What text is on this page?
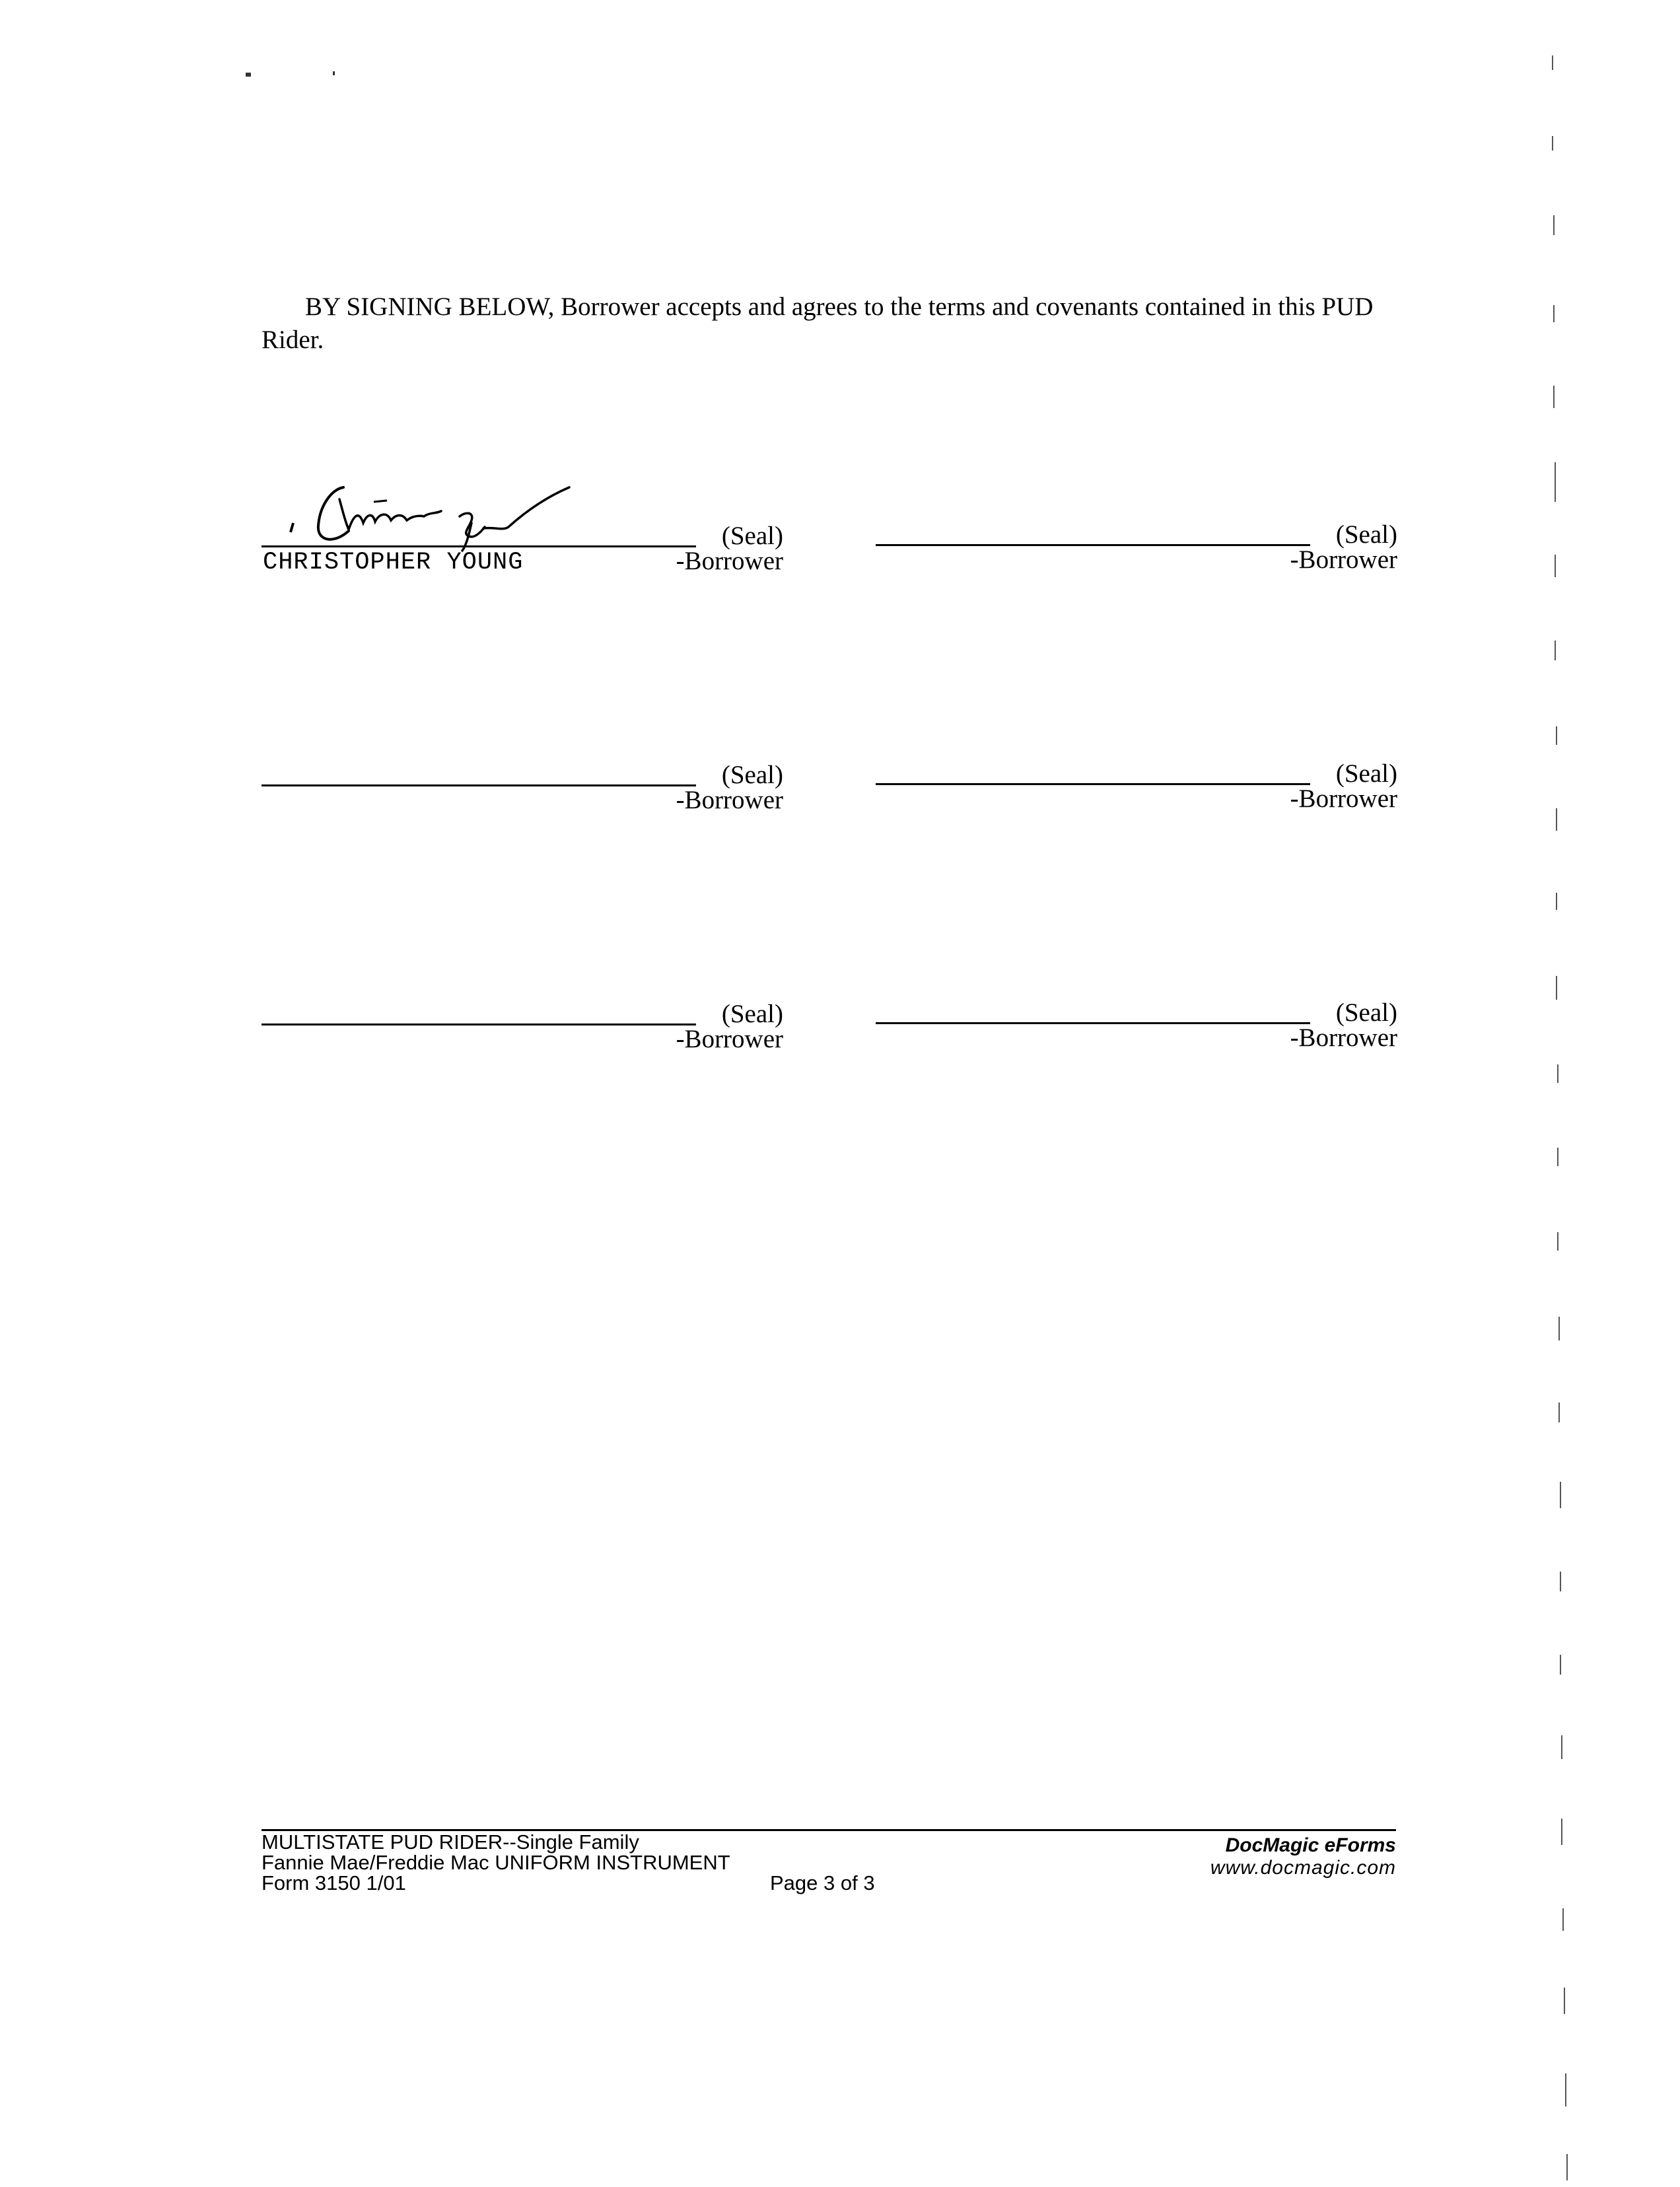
BY SIGNING BELOW, Borrower accepts and agrees to the terms and covenants contained in this PUD
Rider.
(Seal)
-Borrower
CHRISTOPHER YOUNG
(Seal)
-Borrower
(Seal)
-Borrower
(Seal)
-Borrower
(Seal)
-Borrower
(Seal)
-Borrower
MULTISTATE PUD RIDER--Single Family
Fannie Mae/Freddie Mac UNIFORM INSTRUMENT
Form 3150 1/01	Page 3 of 3
DocMagic eForms
www.docmagic.com
